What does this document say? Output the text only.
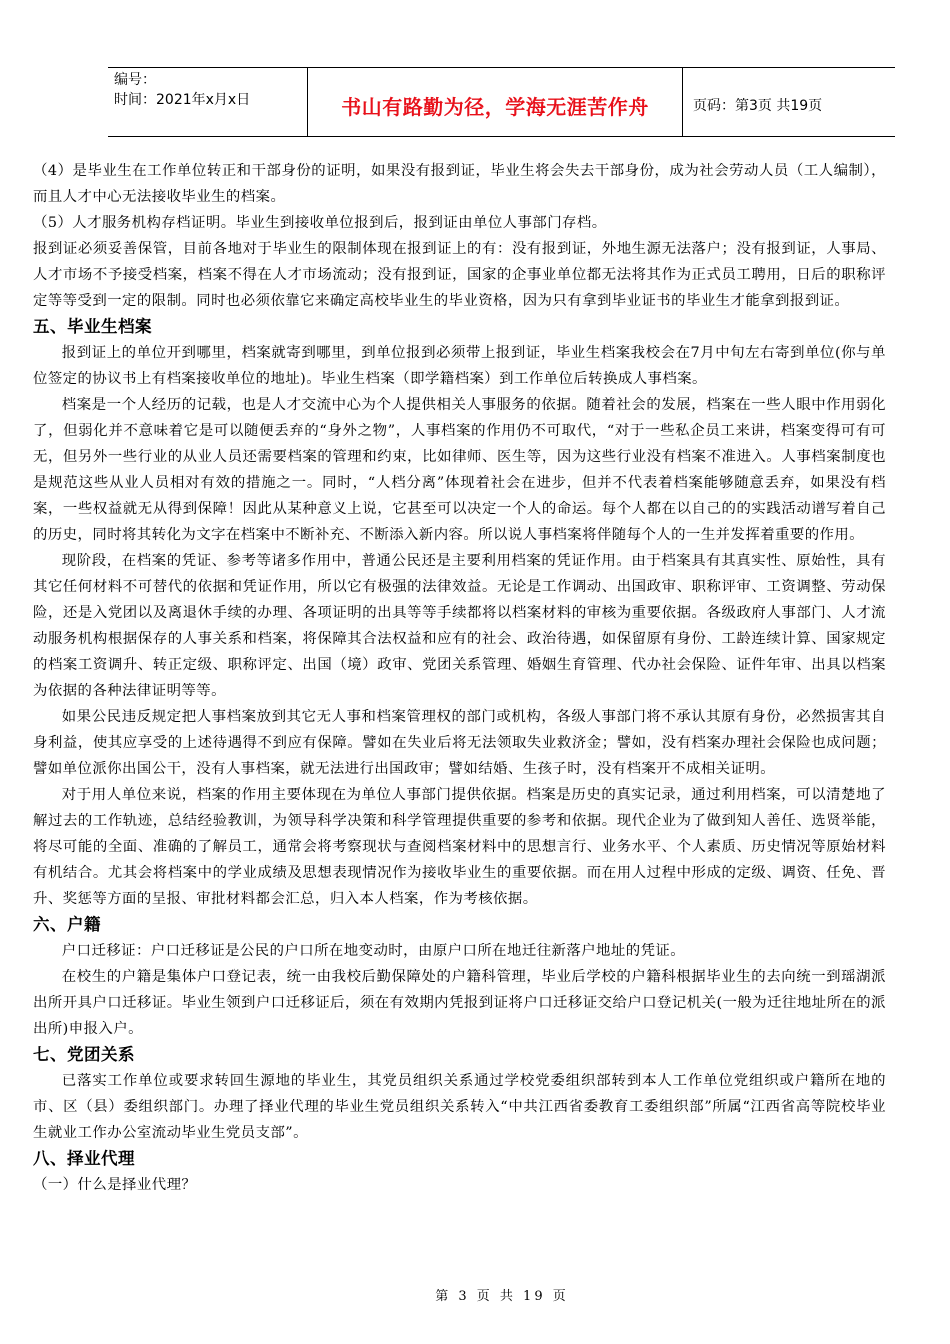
编号：
时间：2021年x月x日	书山有路勤为径，学海无涯苦作舟	页码：第3页 共19页

（4）是毕业生在工作单位转正和干部身份的证明，如果没有报到证，毕业生将会失去干部身份，成为社会劳动人员（工人编制），而且人才中心无法接收毕业生的档案。

（5）人才服务机构存档证明。毕业生到接收单位报到后，报到证由单位人事部门存档。

报到证必须妥善保管，目前各地对于毕业生的限制体现在报到证上的有：没有报到证，外地生源无法落户；没有报到证，人事局、人才市场不予接受档案，档案不得在人才市场流动；没有报到证，国家的企事业单位都无法将其作为正式员工聘用，日后的职称评定等等受到一定的限制。同时也必须依靠它来确定高校毕业生的毕业资格，因为只有拿到毕业证书的毕业生才能拿到报到证。

五、毕业生档案

报到证上的单位开到哪里，档案就寄到哪里，到单位报到必须带上报到证，毕业生档案我校会在7月中旬左右寄到单位(你与单位签定的协议书上有档案接收单位的地址)。毕业生档案（即学籍档案）到工作单位后转换成人事档案。

档案是一个人经历的记载，也是人才交流中心为个人提供相关人事服务的依据。随着社会的发展，档案在一些人眼中作用弱化了，但弱化并不意味着它是可以随便丢弃的“身外之物”，人事档案的作用仍不可取代，“对于一些私企员工来讲，档案变得可有可无，但另外一些行业的从业人员还需要档案的管理和约束，比如律师、医生等，因为这些行业没有档案不准进入。人事档案制度也是规范这些从业人员相对有效的措施之一。同时，“人档分离”体现着社会在进步，但并不代表着档案能够随意丢弃，如果没有档案，一些权益就无从得到保障！因此从某种意义上说，它甚至可以决定一个人的命运。每个人都在以自己的的实践活动谱写着自己的历史，同时将其转化为文字在档案中不断补充、不断添入新内容。所以说人事档案将伴随每个人的一生并发挥着重要的作用。

现阶段，在档案的凭证、参考等诸多作用中，普通公民还是主要利用档案的凭证作用。由于档案具有其真实性、原始性，具有其它任何材料不可替代的依据和凭证作用，所以它有极强的法律效益。无论是工作调动、出国政审、职称评审、工资调整、劳动保险，还是入党团以及离退休手续的办理、各项证明的出具等等手续都将以档案材料的审核为重要依据。各级政府人事部门、人才流动服务机构根据保存的人事关系和档案，将保障其合法权益和应有的社会、政治待遇，如保留原有身份、工龄连续计算、国家规定的档案工资调升、转正定级、职称评定、出国（境）政审、党团关系管理、婚姻生育管理、代办社会保险、证件年审、出具以档案为依据的各种法律证明等等。

如果公民违反规定把人事档案放到其它无人事和档案管理权的部门或机构，各级人事部门将不承认其原有身份，必然损害其自身利益，使其应享受的上述待遇得不到应有保障。譬如在失业后将无法领取失业救济金；譬如，没有档案办理社会保险也成问题；譬如单位派你出国公干，没有人事档案，就无法进行出国政审；譬如结婚、生孩子时，没有档案开不成相关证明。

对于用人单位来说，档案的作用主要体现在为单位人事部门提供依据。档案是历史的真实记录，通过利用档案，可以清楚地了解过去的工作轨迹，总结经验教训，为领导科学决策和科学管理提供重要的参考和依据。现代企业为了做到知人善任、选贤举能，将尽可能的全面、准确的了解员工，通常会将考察现状与查阅档案材料中的思想言行、业务水平、个人素质、历史情况等原始材料有机结合。尤其会将档案中的学业成绩及思想表现情况作为接收毕业生的重要依据。而在用人过程中形成的定级、调资、任免、晋升、奖惩等方面的呈报、审批材料都会汇总，归入本人档案，作为考核依据。

六、户籍

户口迁移证：户口迁移证是公民的户口所在地变动时，由原户口所在地迁往新落户地址的凭证。

在校生的户籍是集体户口登记表，统一由我校后勤保障处的户籍科管理，毕业后学校的户籍科根据毕业生的去向统一到瑶湖派出所开具户口迁移证。毕业生领到户口迁移证后，须在有效期内凭报到证将户口迁移证交给户口登记机关(一般为迁往地址所在的派出所)申报入户。

七、党团关系

已落实工作单位或要求转回生源地的毕业生，其党员组织关系通过学校党委组织部转到本人工作单位党组织或户籍所在地的市、区（县）委组织部门。办理了择业代理的毕业生党员组织关系转入“中共江西省委教育工委组织部”所属“江西省高等院校毕业生就业工作办公室流动毕业生党员支部”。

八、择业代理

（一）什么是择业代理？

第 3 页 共 19 页
